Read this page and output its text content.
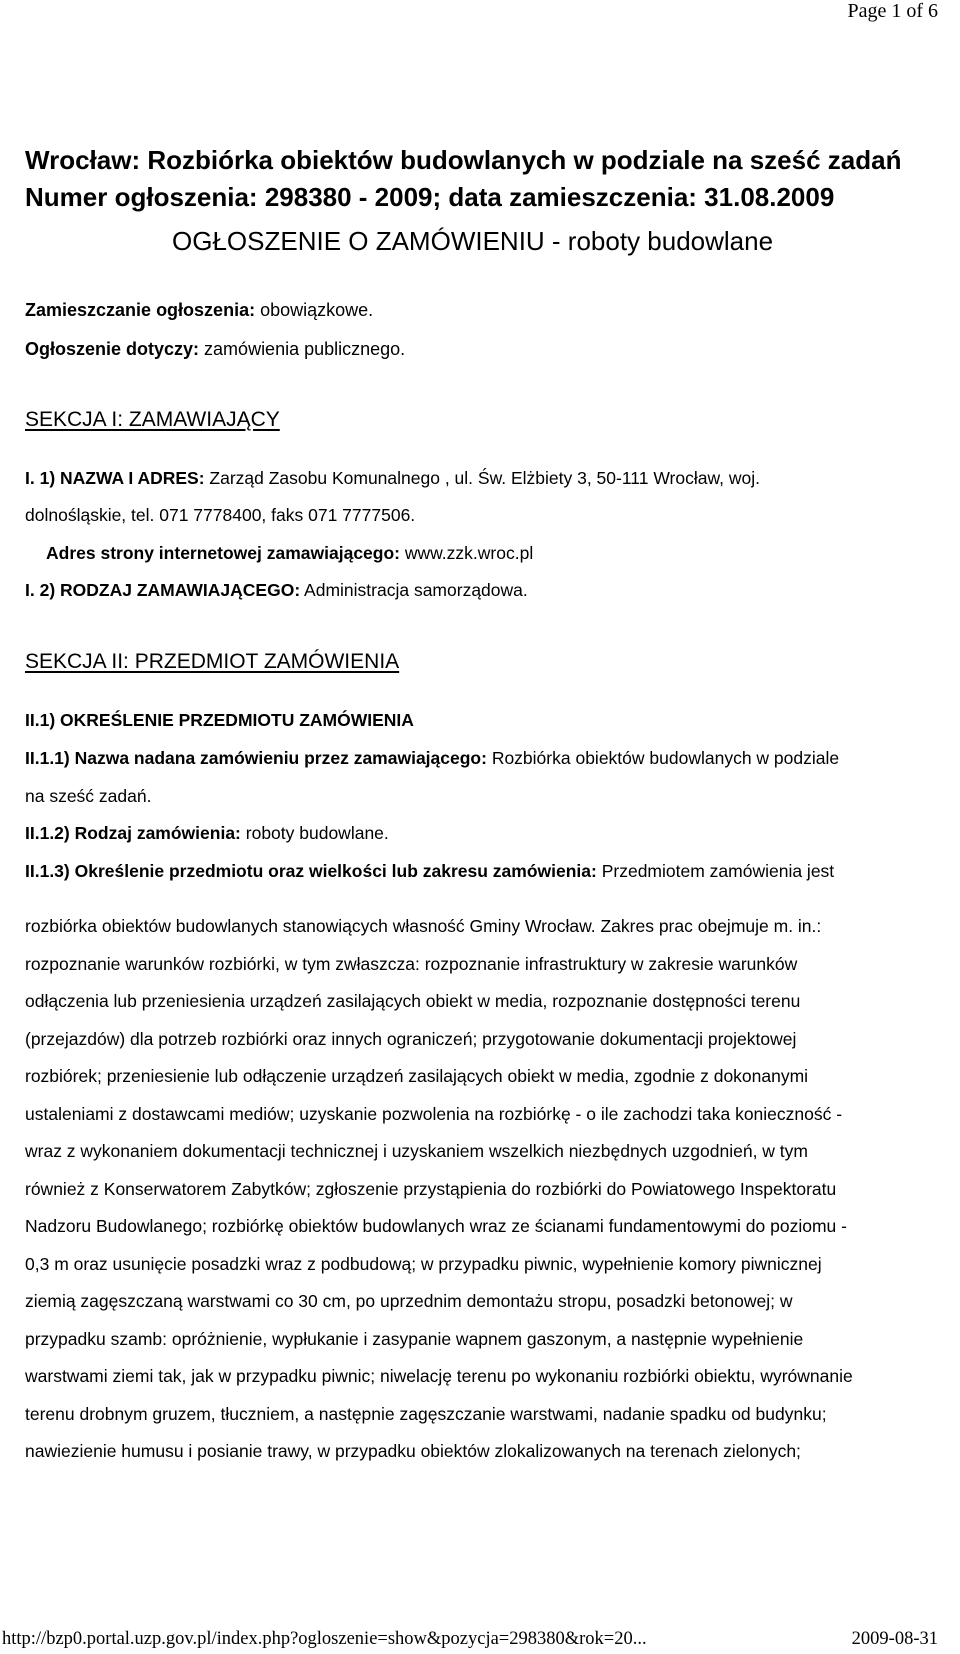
Page 1 of 6
Wrocław: Rozbiórka obiektów budowlanych w podziale na sześć zadań
Numer ogłoszenia: 298380 - 2009; data zamieszczenia: 31.08.2009
OGŁOSZENIE O ZAMÓWIENIU - roboty budowlane
Zamieszczanie ogłoszenia: obowiązkowe.
Ogłoszenie dotyczy: zamówienia publicznego.
SEKCJA I: ZAMAWIAJĄCY
I. 1) NAZWA I ADRES: Zarząd Zasobu Komunalnego , ul. Św. Elżbiety 3, 50-111 Wrocław, woj.
dolnośląskie, tel. 071 7778400, faks 071 7777506.
Adres strony internetowej zamawiającego: www.zzk.wroc.pl
I. 2) RODZAJ ZAMAWIAJĄCEGO: Administracja samorządowa.
SEKCJA II: PRZEDMIOT ZAMÓWIENIA
II.1) OKREŚLENIE PRZEDMIOTU ZAMÓWIENIA
II.1.1) Nazwa nadana zamówieniu przez zamawiającego: Rozbiórka obiektów budowlanych w podziale
na sześć zadań.
II.1.2) Rodzaj zamówienia: roboty budowlane.
II.1.3) Określenie przedmiotu oraz wielkości lub zakresu zamówienia: Przedmiotem zamówienia jest
rozbiórka obiektów budowlanych stanowiących własność Gminy Wrocław. Zakres prac obejmuje m. in.:
rozpoznanie warunków rozbiórki, w tym zwłaszcza: rozpoznanie infrastruktury w zakresie warunków
odłączenia lub przeniesienia urządzeń zasilających obiekt w media, rozpoznanie dostępności terenu
(przejazdów) dla potrzeb rozbiórki oraz innych ograniczeń; przygotowanie dokumentacji projektowej
rozbiórek; przeniesienie lub odłączenie urządzeń zasilających obiekt w media, zgodnie z dokonanymi
ustaleniami z dostawcami mediów; uzyskanie pozwolenia na rozbiórkę - o ile zachodzi taka konieczność -
wraz z wykonaniem dokumentacji technicznej i uzyskaniem wszelkich niezbędnych uzgodnień, w tym
również z Konserwatorem Zabytków; zgłoszenie przystąpienia do rozbiórki do Powiatowego Inspektoratu
Nadzoru Budowlanego; rozbiórkę obiektów budowlanych wraz ze ścianami fundamentowymi do poziomu -
0,3 m oraz usunięcie posadzki wraz z podbudową; w przypadku piwnic, wypełnienie komory piwnicznej
ziemią zagęszczaną warstwami co 30 cm, po uprzednim demontażu stropu, posadzki betonowej; w
przypadku szamb: opróżnienie, wypłukanie i zasypanie wapnem gaszonym, a następnie wypełnienie
warstwami ziemi tak, jak w przypadku piwnic; niwelację terenu po wykonaniu rozbiórki obiektu, wyrównanie
terenu drobnym gruzem, tłuczniem, a następnie zagęszczanie warstwami, nadanie spadku od budynku;
nawiezienie humusu i posianie trawy, w przypadku obiektów zlokalizowanych na terenach zielonych;
http://bzp0.portal.uzp.gov.pl/index.php?ogloszenie=show&pozycja=298380&rok=20...	2009-08-31
